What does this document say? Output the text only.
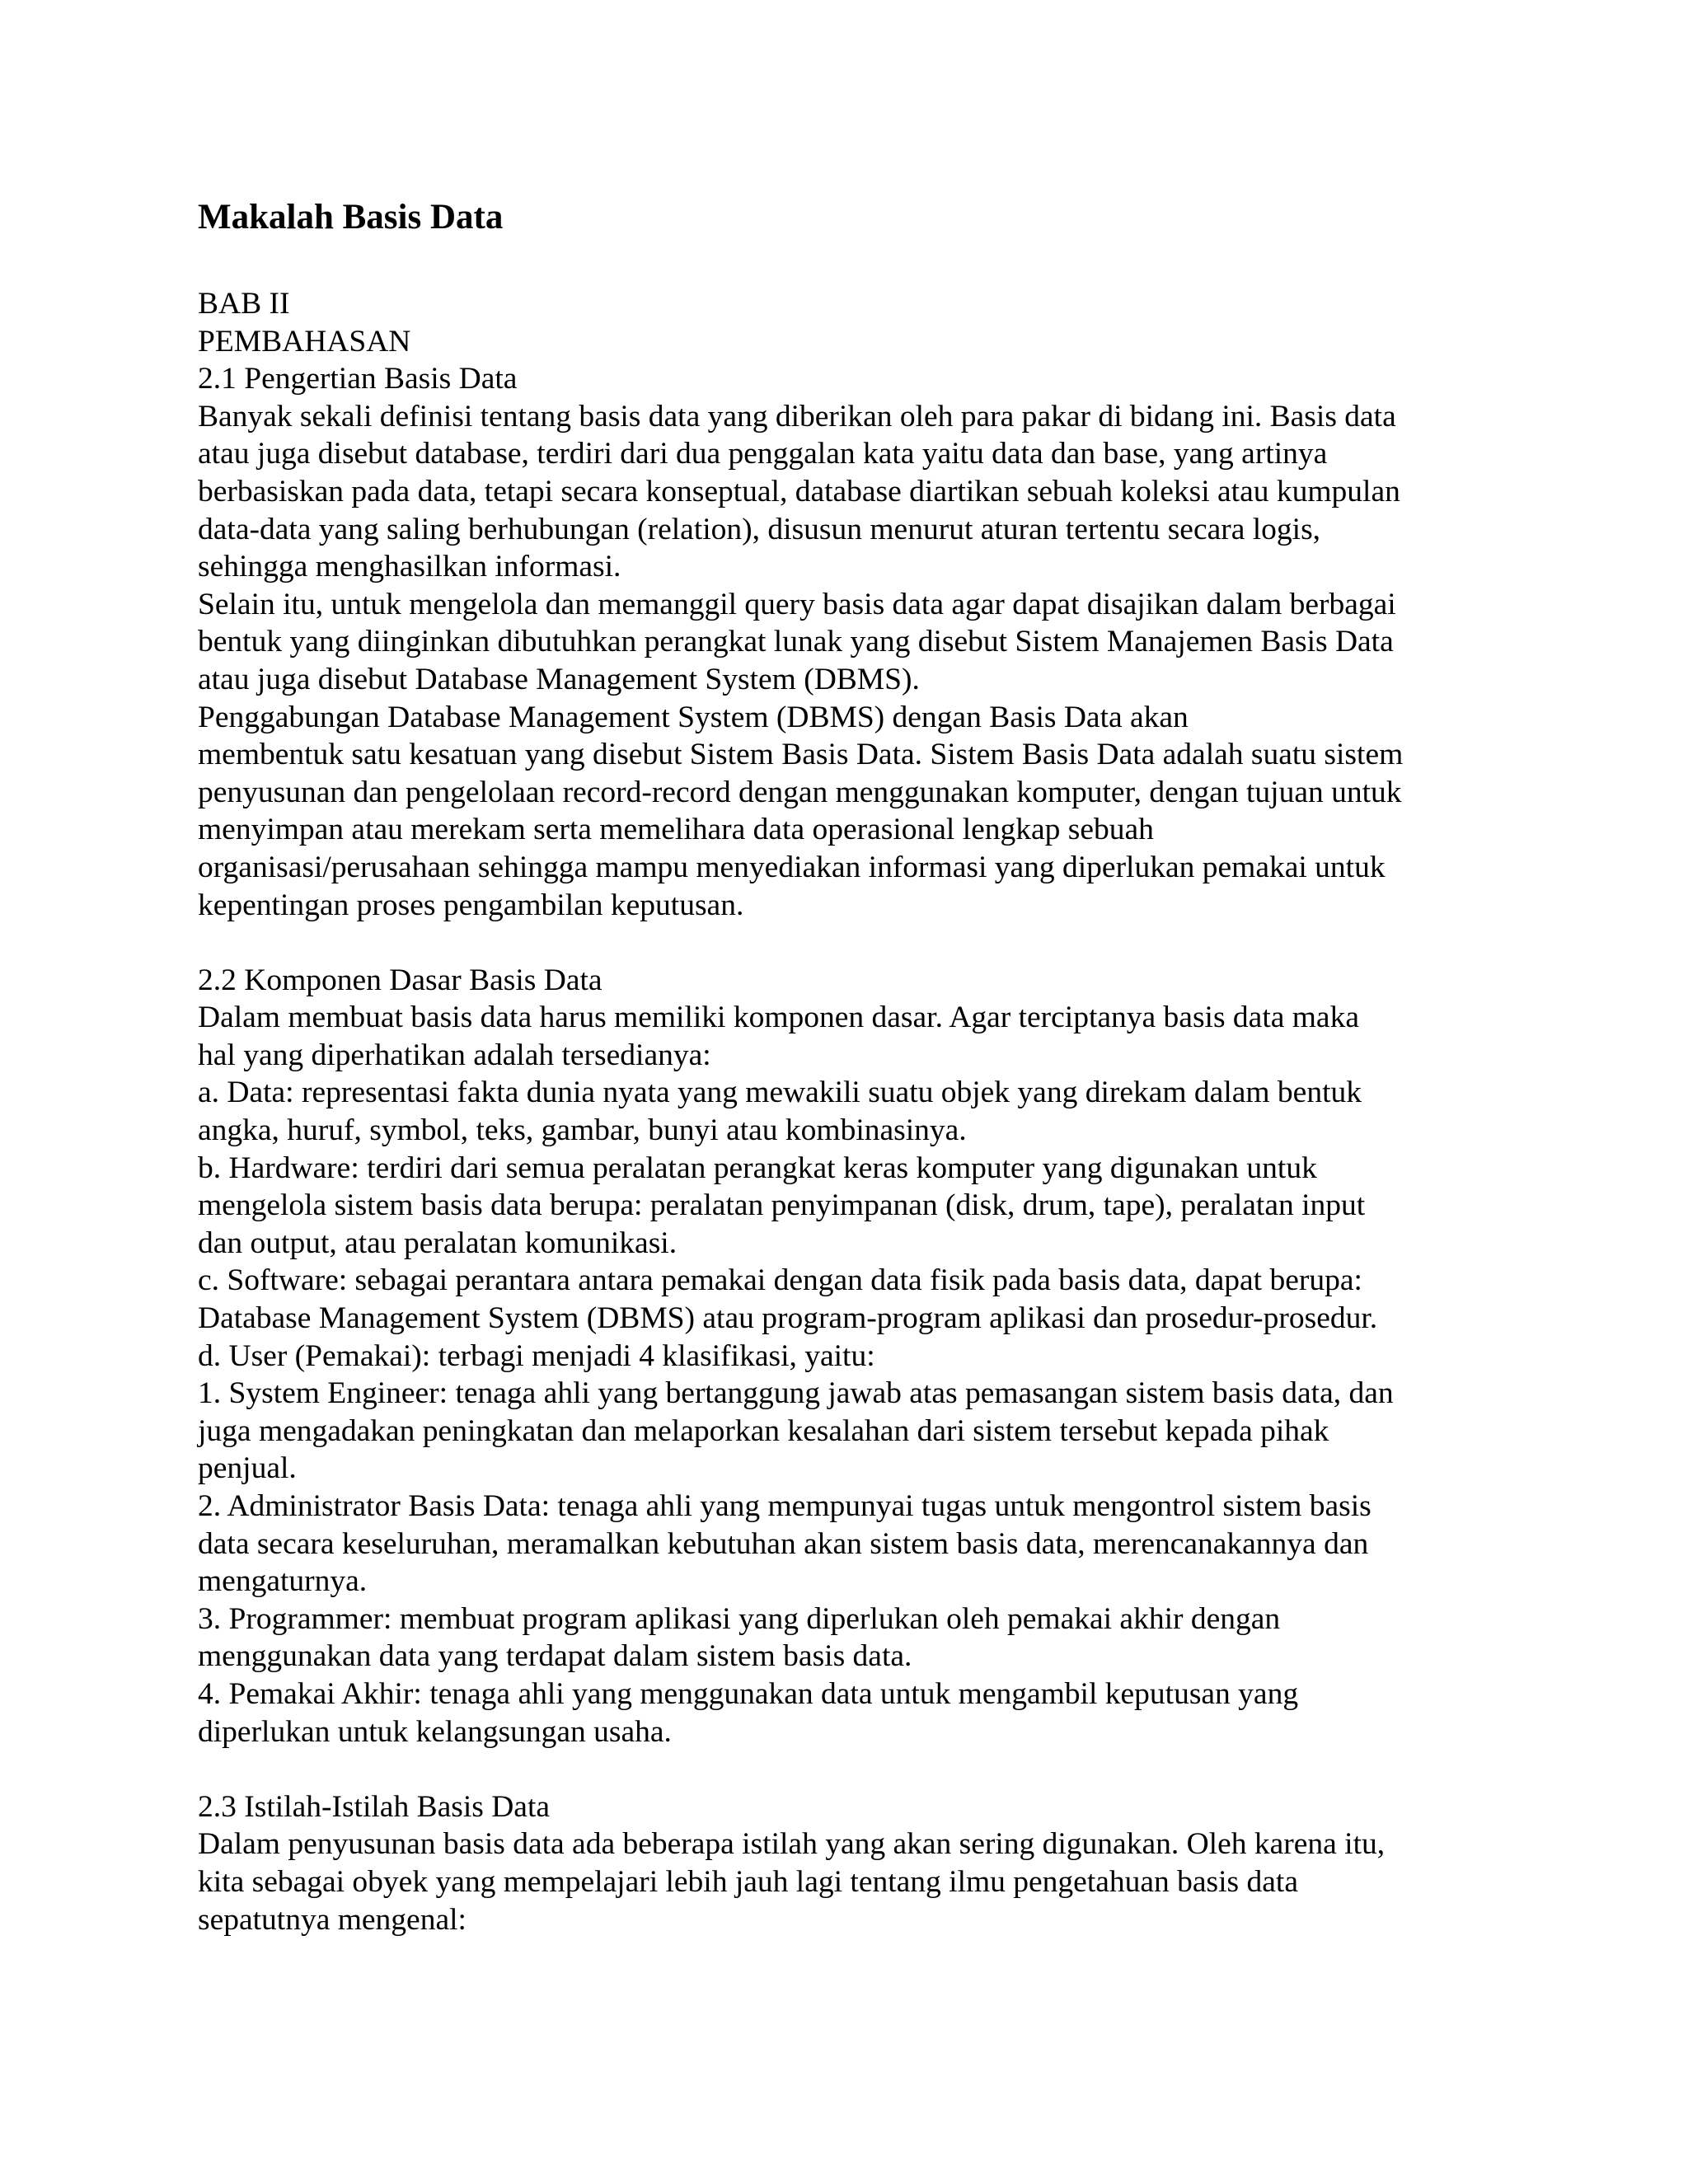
Makalah Basis Data

BAB II

PEMBAHASAN

2.1 Pengertian Basis Data

Banyak sekali definisi tentang basis data yang diberikan oleh para pakar di bidang ini. Basis data

atau juga disebut database, terdiri dari dua penggalan kata yaitu data dan base, yang artinya

berbasiskan pada data, tetapi secara konseptual, database diartikan sebuah koleksi atau kumpulan

data-data yang saling berhubungan (relation), disusun menurut aturan tertentu secara logis,

sehingga menghasilkan informasi.

Selain itu, untuk mengelola dan memanggil query basis data agar dapat disajikan dalam berbagai

bentuk yang diinginkan dibutuhkan perangkat lunak yang disebut Sistem Manajemen Basis Data

atau juga disebut Database Management System (DBMS).

Penggabungan Database Management System (DBMS) dengan Basis Data akan

membentuk satu kesatuan yang disebut Sistem Basis Data. Sistem Basis Data adalah suatu sistem

penyusunan dan pengelolaan record-record dengan menggunakan komputer, dengan tujuan untuk

menyimpan atau merekam serta memelihara data operasional lengkap sebuah

organisasi/perusahaan sehingga mampu menyediakan informasi yang diperlukan pemakai untuk

kepentingan proses pengambilan keputusan.

2.2 Komponen Dasar Basis Data

Dalam membuat basis data harus memiliki komponen dasar. Agar terciptanya basis data maka

hal yang diperhatikan adalah tersedianya:

a. Data: representasi fakta dunia nyata yang mewakili suatu objek yang direkam dalam bentuk

angka, huruf, symbol, teks, gambar, bunyi atau kombinasinya.

b. Hardware: terdiri dari semua peralatan perangkat keras komputer yang digunakan untuk

mengelola sistem basis data berupa: peralatan penyimpanan (disk, drum, tape), peralatan input

dan output, atau peralatan komunikasi.

c. Software: sebagai perantara antara pemakai dengan data fisik pada basis data, dapat berupa:

Database Management System (DBMS) atau program-program aplikasi dan prosedur-prosedur.

d. User (Pemakai): terbagi menjadi 4 klasifikasi, yaitu:

1. System Engineer: tenaga ahli yang bertanggung jawab atas pemasangan sistem basis data, dan

juga mengadakan peningkatan dan melaporkan kesalahan dari sistem tersebut kepada pihak

penjual.

2. Administrator Basis Data: tenaga ahli yang mempunyai tugas untuk mengontrol sistem basis

data secara keseluruhan, meramalkan kebutuhan akan sistem basis data, merencanakannya dan

mengaturnya.

3. Programmer: membuat program aplikasi yang diperlukan oleh pemakai akhir dengan

menggunakan data yang terdapat dalam sistem basis data.

4. Pemakai Akhir: tenaga ahli yang menggunakan data untuk mengambil keputusan yang

diperlukan untuk kelangsungan usaha.

2.3 Istilah-Istilah Basis Data

Dalam penyusunan basis data ada beberapa istilah yang akan sering digunakan. Oleh karena itu,

kita sebagai obyek yang mempelajari lebih jauh lagi tentang ilmu pengetahuan basis data

sepatutnya mengenal:
